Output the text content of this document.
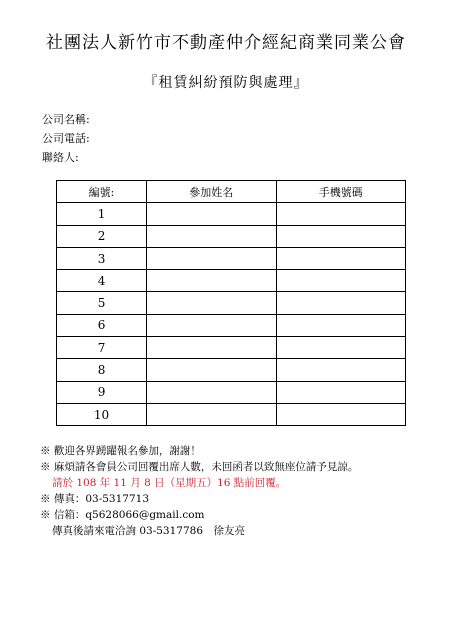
社團法人新竹市不動產仲介經紀商業同業公會
『租賃糾紛預防與處理』
公司名稱:
公司電話:
聯絡人:
編號:	參加姓名	手機號碼
1		
2		
3		
4		
5		
6		
7		
8		
9		
10		
※ 歡迎各界踴躍報名參加，謝謝！
※ 麻煩請各會員公司回覆出席人數，未回函者以致無座位請予見諒。
請於 108 年 11 月 8 日（星期五）16 點前回覆。
※ 傳真：03-5317713
※ 信箱：q5628066@gmail.com
傳真後請來電洽詢 03-5317786　徐友亮
